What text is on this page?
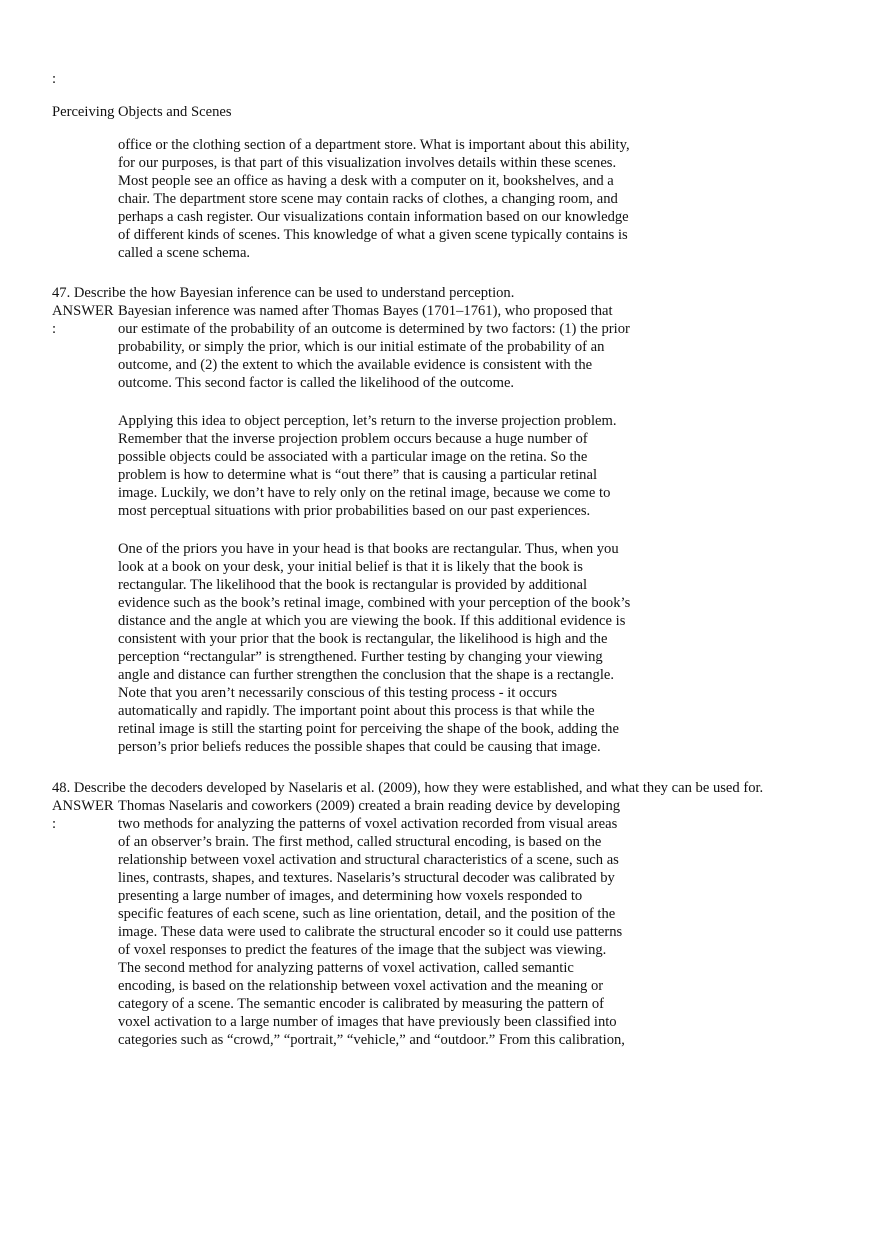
:
Perceiving Objects and Scenes
office or the clothing section of a department store. What is important about this ability,
for our purposes, is that part of this visualization involves details within these scenes.
Most people see an office as having a desk with a computer on it, bookshelves, and a
chair. The department store scene may contain racks of clothes, a changing room, and
perhaps a cash register. Our visualizations contain information based on our knowledge
of different kinds of scenes. This knowledge of what a given scene typically contains is
called a scene schema.
47. Describe the how Bayesian inference can be used to understand perception.
ANSWER
:
Bayesian inference was named after Thomas Bayes (1701–1761), who proposed that
our estimate of the probability of an outcome is determined by two factors: (1) the prior
probability, or simply the prior, which is our initial estimate of the probability of an
outcome, and (2) the extent to which the available evidence is consistent with the
outcome. This second factor is called the likelihood of the outcome.
Applying this idea to object perception, let’s return to the inverse projection problem.
Remember that the inverse projection problem occurs because a huge number of
possible objects could be associated with a particular image on the retina. So the
problem is how to determine what is “out there” that is causing a particular retinal
image. Luckily, we don’t have to rely only on the retinal image, because we come to
most perceptual situations with prior probabilities based on our past experiences.
One of the priors you have in your head is that books are rectangular. Thus, when you
look at a book on your desk, your initial belief is that it is likely that the book is
rectangular. The likelihood that the book is rectangular is provided by additional
evidence such as the book’s retinal image, combined with your perception of the book’s
distance and the angle at which you are viewing the book. If this additional evidence is
consistent with your prior that the book is rectangular, the likelihood is high and the
perception “rectangular” is strengthened. Further testing by changing your viewing
angle and distance can further strengthen the conclusion that the shape is a rectangle.
Note that you aren’t necessarily conscious of this testing process - it occurs
automatically and rapidly. The important point about this process is that while the
retinal image is still the starting point for perceiving the shape of the book, adding the
person’s prior beliefs reduces the possible shapes that could be causing that image.
48. Describe the decoders developed by Naselaris et al. (2009), how they were established, and what they can be used for.
ANSWER
:
Thomas Naselaris and coworkers (2009) created a brain reading device by developing
two methods for analyzing the patterns of voxel activation recorded from visual areas
of an observer’s brain. The first method, called structural encoding, is based on the
relationship between voxel activation and structural characteristics of a scene, such as
lines, contrasts, shapes, and textures. Naselaris’s structural decoder was calibrated by
presenting a large number of images, and determining how voxels responded to
specific features of each scene, such as line orientation, detail, and the position of the
image. These data were used to calibrate the structural encoder so it could use patterns
of voxel responses to predict the features of the image that the subject was viewing.
The second method for analyzing patterns of voxel activation, called semantic
encoding, is based on the relationship between voxel activation and the meaning or
category of a scene. The semantic encoder is calibrated by measuring the pattern of
voxel activation to a large number of images that have previously been classified into
categories such as “crowd,” “portrait,” “vehicle,” and “outdoor.” From this calibration,
